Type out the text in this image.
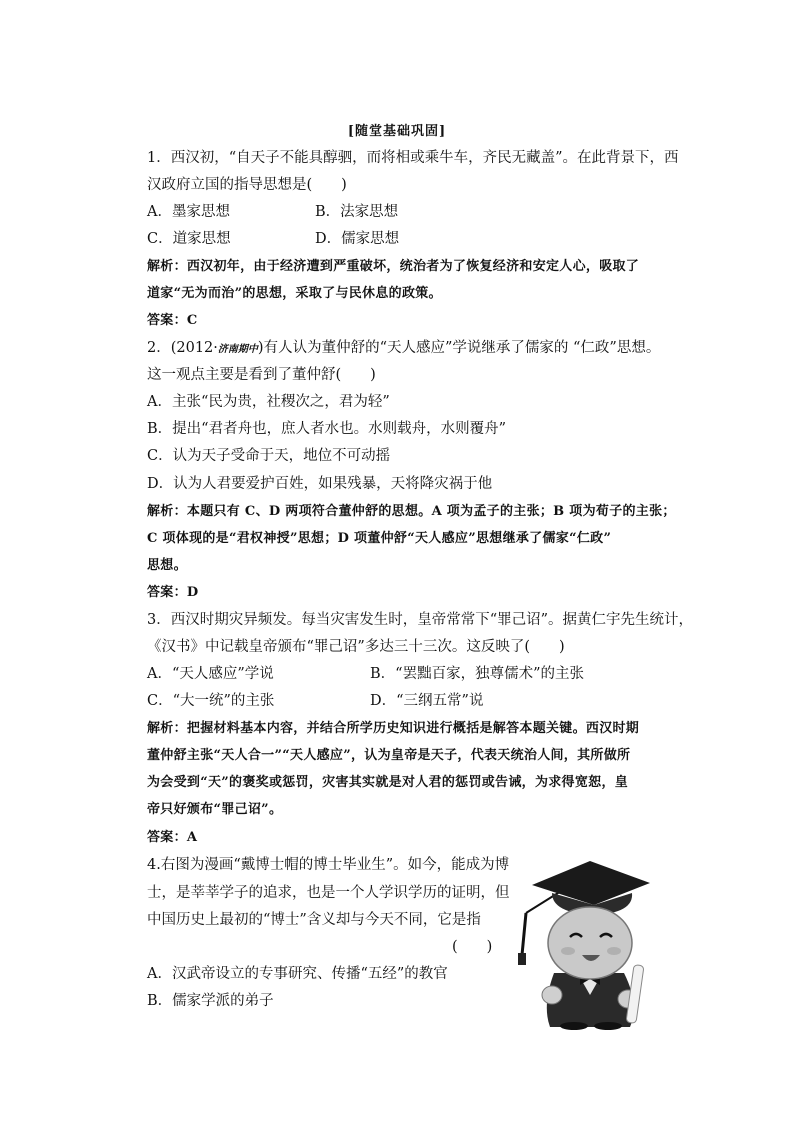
[随堂基础巩固]
1．西汉初，“自天子不能具醇驷，而将相或乘牛车，齐民无藏盖”。在此背景下，西
汉政府立国的指导思想是(　　)
A．墨家思想	B．法家思想
C．道家思想	D．儒家思想
解析：西汉初年，由于经济遭到严重破坏，统治者为了恢复经济和安定人心，吸取了
道家“无为而治”的思想，采取了与民休息的政策。
答案：C
2．(2012·济南期中)有人认为董仲舒的“天人感应”学说继承了儒家的 “仁政”思想。
这一观点主要是看到了董仲舒(　　)
A．主张“民为贵，社稷次之，君为轻”
B．提出“君者舟也，庶人者水也。水则载舟，水则覆舟”
C．认为天子受命于天，地位不可动摇
D．认为人君要爱护百姓，如果残暴，天将降灾祸于他
解析：本题只有 C、D 两项符合董仲舒的思想。A 项为孟子的主张；B 项为荀子的主张；
C 项体现的是“君权神授”思想；D 项董仲舒“天人感应”思想继承了儒家“仁政”
思想。
答案：D
3．西汉时期灾异频发。每当灾害发生时，皇帝常常下“罪己诏”。据黄仁宇先生统计，
《汉书》中记载皇帝颁布“罪己诏”多达三十三次。这反映了(　　)
A．“天人感应”学说	B．“罢黜百家，独尊儒术”的主张
C．“大一统”的主张	D．“三纲五常”说
解析：把握材料基本内容，并结合所学历史知识进行概括是解答本题关键。西汉时期
董仲舒主张“天人合一”“天人感应”，认为皇帝是天子，代表天统治人间，其所做所
为会受到“天”的褒奖或惩罚，灾害其实就是对人君的惩罚或告诫，为求得宽恕，皇
帝只好颁布“罪己诏”。
答案：A
4.右图为漫画“戴博士帽的博士毕业生”。如今，能成为博
士，是莘莘学子的追求，也是一个人学识学历的证明，但
中国历史上最初的“博士”含义却与今天不同，它是指
(　　)
A．汉武帝设立的专事研究、传播“五经”的教官
B．儒家学派的弟子
